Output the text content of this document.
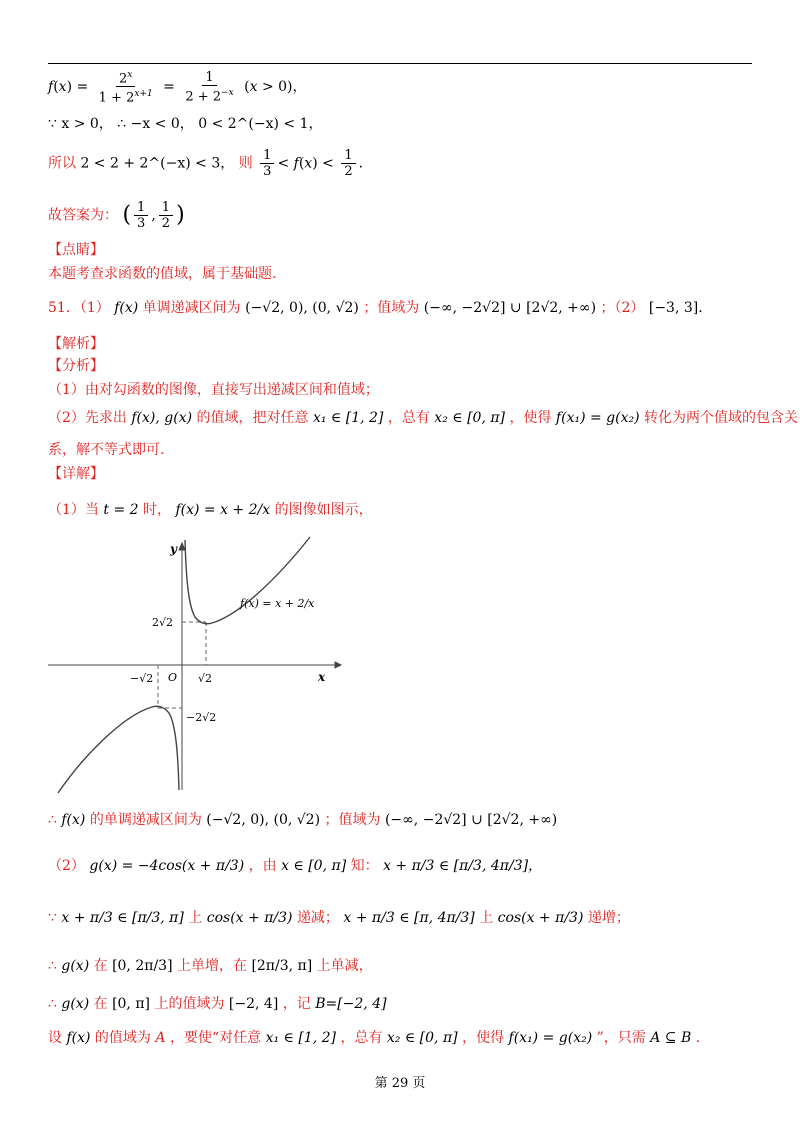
$f(x) = \frac{2^x}{1 + 2^{x+1}} = \frac{1}{2 + 2^{-x}} (x > 0)$，
∵ x > 0， ∴ −x < 0， 0 < 2^(−x) < 1，
所以 2 < 2 + 2^(−x) < 3， 则 $\frac{1}{3} < f(x) < \frac{1}{2}$ .
故答案为： ( $\frac{1}{3}$ , $\frac{1}{2}$ )
【点睛】
本题考查求函数的值域，属于基础题.
51．（1） f(x) 单调递减区间为 (−√2, 0), (0, √2) ；值域为 (−∞, −2√2] ∪ [2√2, +∞) ；（2） [−3, 3].
【解析】
【分析】
（1）由对勾函数的图像，直接写出递减区间和值域；
（2）先求出 f(x), g(x) 的值域，把对任意 x₁ ∈ [1, 2] ，总有 x₂ ∈ [0, π] ，使得 f(x₁) = g(x₂) 转化为两个值域的包含关
系，解不等式即可.
【详解】
（1）当 t = 2 时， f(x) = x + 2/x 的图像如图示，
y
x
O
2√2
−2√2
√2
−√2
f(x) = x + 2/x
∴ f(x) 的单调递减区间为 (−√2, 0), (0, √2) ；值域为 (−∞, −2√2] ∪ [2√2, +∞)
（2） g(x) = −4cos(x + π/3) ，由 x ∈ [0, π] 知： x + π/3 ∈ [π/3, 4π/3]，
∵ x + π/3 ∈ [π/3, π] 上 cos(x + π/3) 递减； x + π/3 ∈ [π, 4π/3] 上 cos(x + π/3) 递增；
∴ g(x) 在 [0, 2π/3] 上单增，在 [2π/3, π] 上单减，
∴ g(x) 在 [0, π] 上的值域为 [−2, 4] ，记 B=[−2, 4]
设 f(x) 的值域为 A ，要使“对任意 x₁ ∈ [1, 2] ，总有 x₂ ∈ [0, π] ，使得 f(x₁) = g(x₂) ”，只需 A ⊆ B .
第 29 页
